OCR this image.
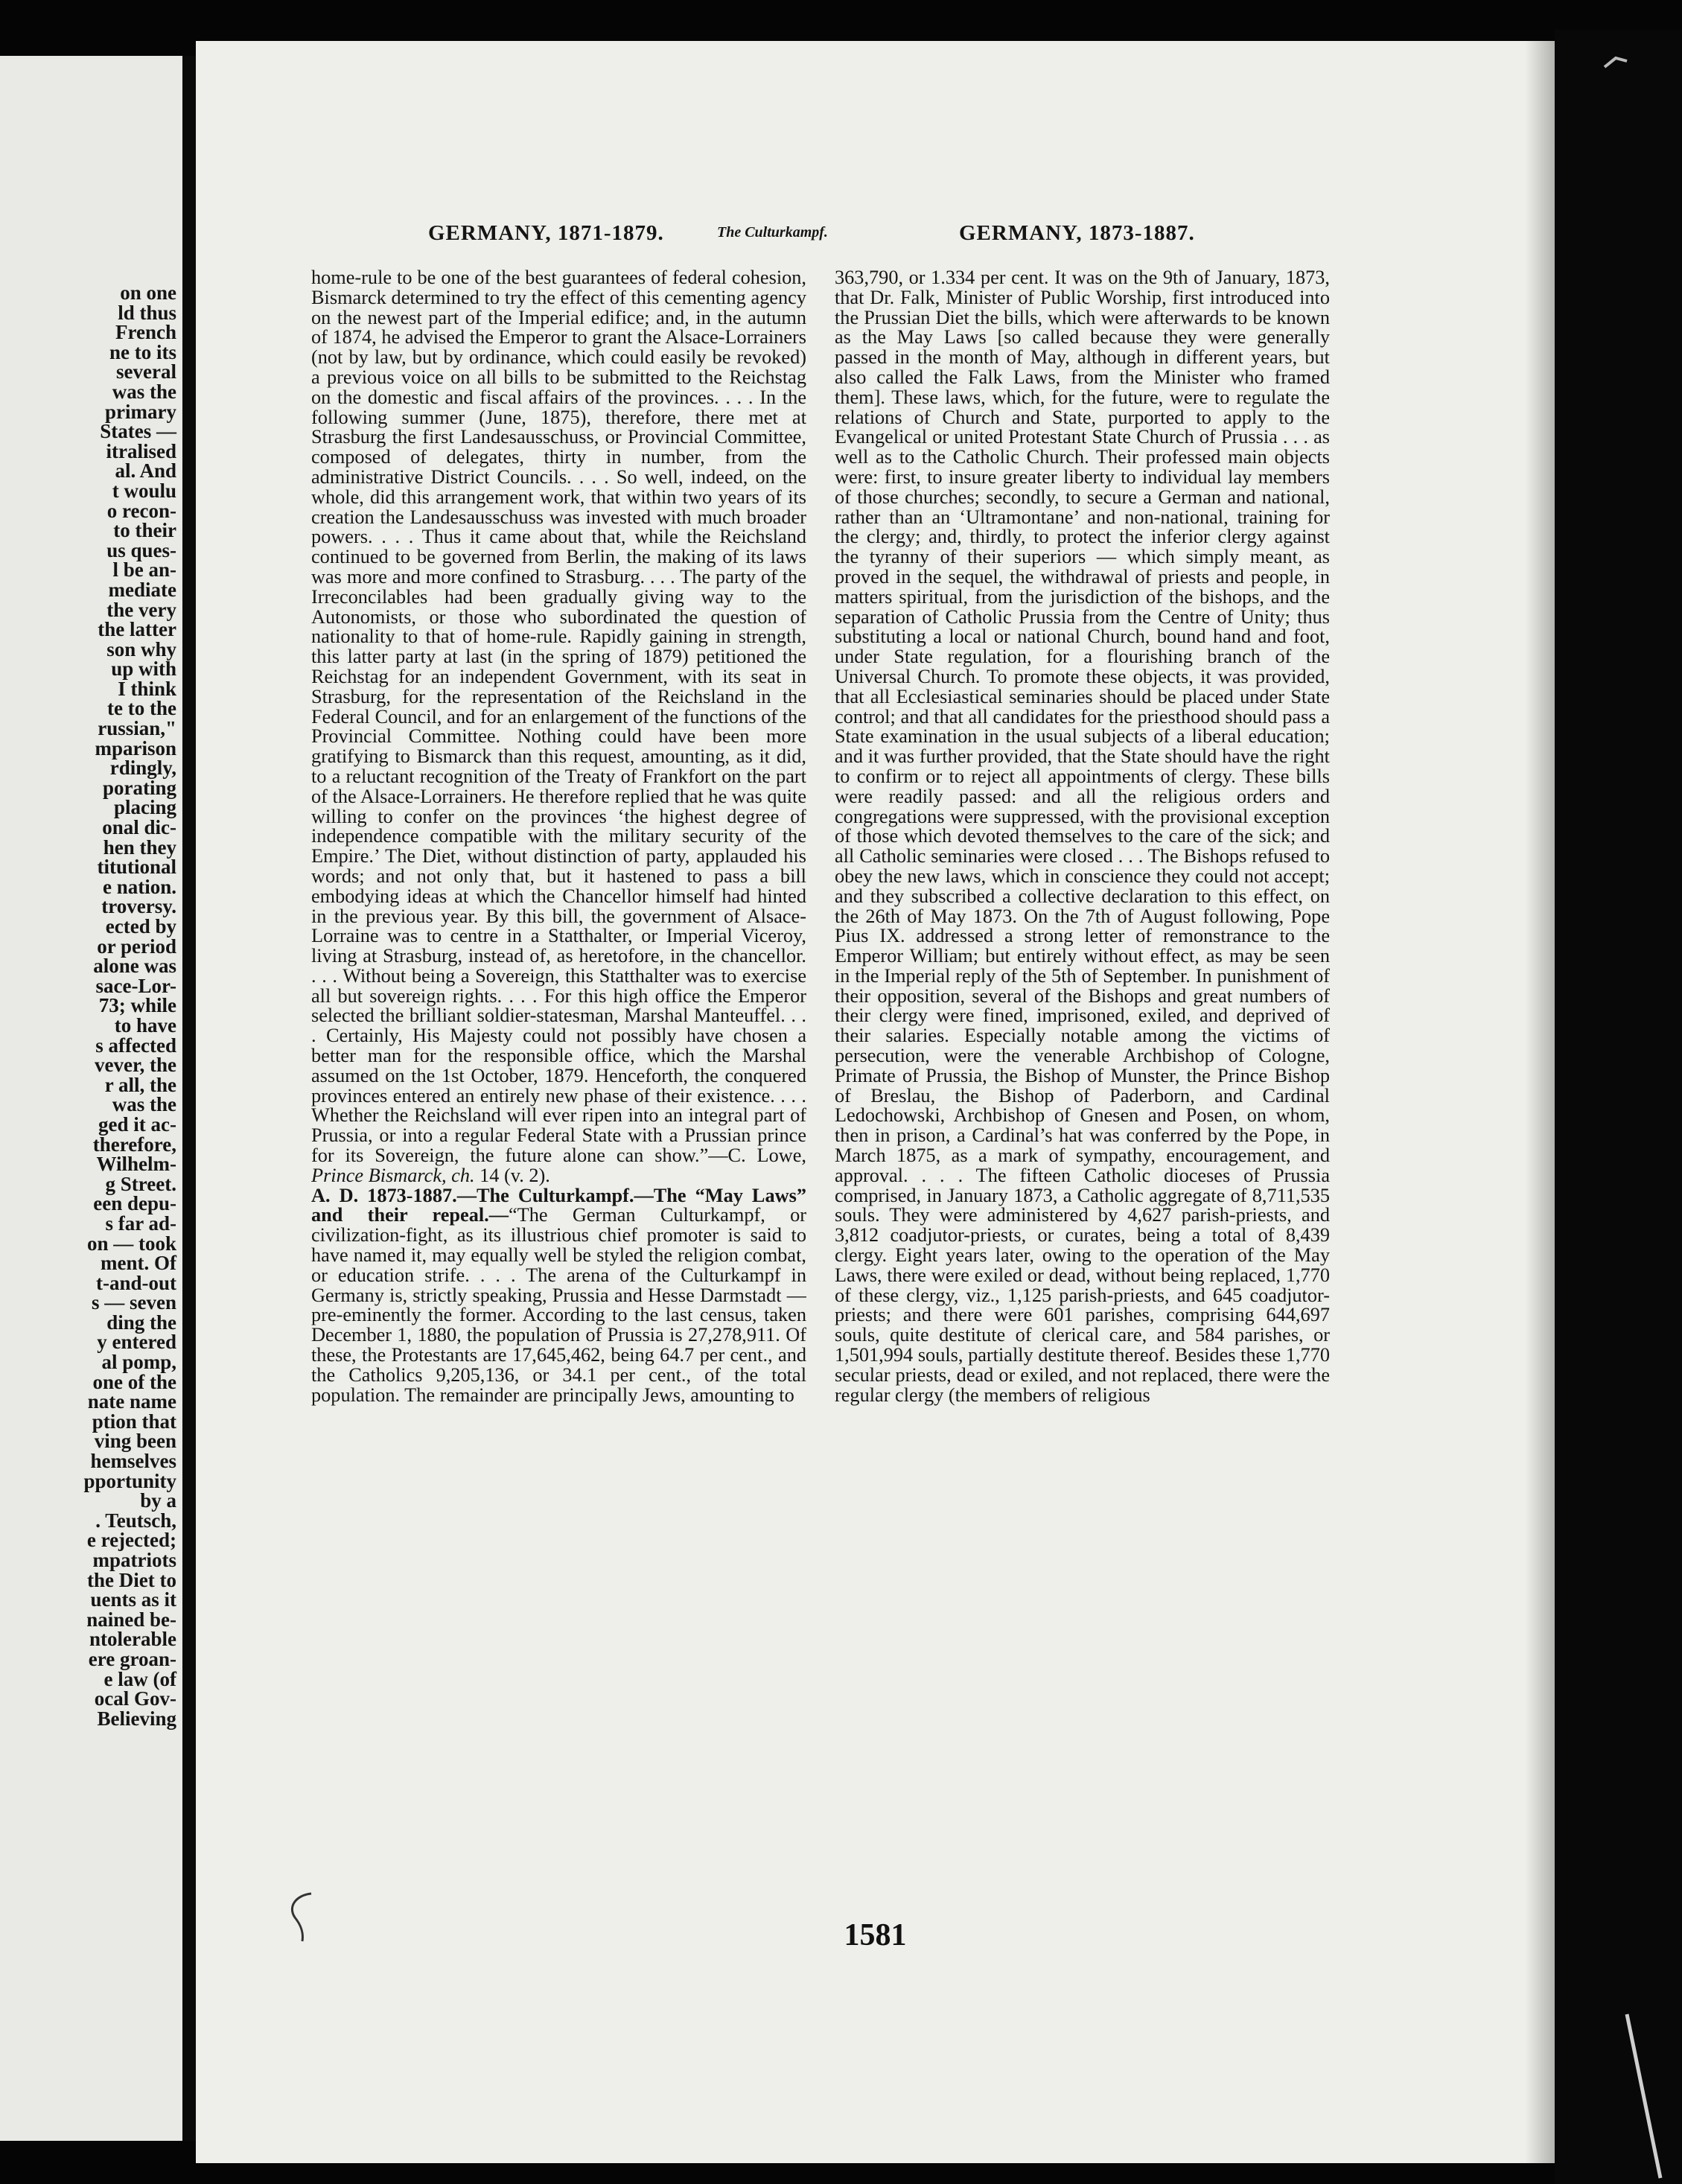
on one
ld thus
French
ne to its
several
was the
primary
States —
itralised
al. And
t woulu
o recon-
to their
us ques-
l be an-
mediate
the very
the latter
son why
up with
I think
te to the
russian,"
mparison
rdingly,
porating
placing
onal dic-
hen they
titutional
e nation.
troversy.
ected by
or period
alone was
sace-Lor-
73; while
to have
s affected
vever, the
r all, the
was the
ged it ac-
therefore,
Wilhelm-
g Street.
een depu-
s far ad-
on — took
ment. Of
t-and-out
s — seven
ding the
y entered
al pomp,
one of the
nate name
ption that
ving been
hemselves
pportunity
by a
. Teutsch,
e rejected;
mpatriots
the Diet to
uents as it
nained be-
ntolerable
ere groan-
e law (of
ocal Gov-
Believing
GERMANY, 1871-1879.	The Culturkampf.	GERMANY, 1873-1887.

home-rule to be one of the best guarantees of federal cohesion, Bismarck determined to try the effect of this cementing agency on the newest part of the Imperial edifice; and, in the autumn of 1874, he advised the Emperor to grant the Alsace-Lorrainers (not by law, but by ordinance, which could easily be revoked) a previous voice on all bills to be submitted to the Reichstag on the domestic and fiscal affairs of the provinces. . . . In the following summer (June, 1875), therefore, there met at Strasburg the first Landesausschuss, or Provincial Committee, composed of delegates, thirty in number, from the administrative District Councils. . . . So well, indeed, on the whole, did this arrangement work, that within two years of its creation the Landesausschuss was invested with much broader powers. . . . Thus it came about that, while the Reichsland continued to be governed from Berlin, the making of its laws was more and more confined to Strasburg. . . . The party of the Irreconcilables had been gradually giving way to the Autonomists, or those who subordinated the question of nationality to that of home-rule. Rapidly gaining in strength, this latter party at last (in the spring of 1879) petitioned the Reichstag for an independent Government, with its seat in Strasburg, for the representation of the Reichsland in the Federal Council, and for an enlargement of the functions of the Provincial Committee. Nothing could have been more gratifying to Bismarck than this request, amounting, as it did, to a reluctant recognition of the Treaty of Frankfort on the part of the Alsace-Lorrainers. He therefore replied that he was quite willing to confer on the provinces ‘the highest degree of independence compatible with the military security of the Empire.’ The Diet, without distinction of party, applauded his words; and not only that, but it hastened to pass a bill embodying ideas at which the Chancellor himself had hinted in the previous year. By this bill, the government of Alsace-Lorraine was to centre in a Statthalter, or Imperial Viceroy, living at Strasburg, instead of, as heretofore, in the chancellor. . . . Without being a Sovereign, this Statthalter was to exercise all but sovereign rights. . . . For this high office the Emperor selected the brilliant soldier-statesman, Marshal Manteuffel. . . . Certainly, His Majesty could not possibly have chosen a better man for the responsible office, which the Marshal assumed on the 1st October, 1879. Henceforth, the conquered provinces entered an entirely new phase of their existence. . . . Whether the Reichsland will ever ripen into an integral part of Prussia, or into a regular Federal State with a Prussian prince for its Sovereign, the future alone can show.”—C. Lowe, Prince Bismarck, ch. 14 (v. 2).

A. D. 1873-1887.—The Culturkampf.—The “May Laws” and their repeal.—“The German Culturkampf, or civilization-fight, as its illustrious chief promoter is said to have named it, may equally well be styled the religion combat, or education strife. . . . The arena of the Culturkampf in Germany is, strictly speaking, Prussia and Hesse Darmstadt — pre-eminently the former. According to the last census, taken December 1, 1880, the population of Prussia is 27,278,911. Of these, the Protestants are 17,645,462, being 64.7 per cent., and the Catholics 9,205,136, or 34.1 per cent., of the total population. The remainder are principally Jews, amounting to

363,790, or 1.334 per cent. It was on the 9th of January, 1873, that Dr. Falk, Minister of Public Worship, first introduced into the Prussian Diet the bills, which were afterwards to be known as the May Laws [so called because they were generally passed in the month of May, although in different years, but also called the Falk Laws, from the Minister who framed them]. These laws, which, for the future, were to regulate the relations of Church and State, purported to apply to the Evangelical or united Protestant State Church of Prussia . . . as well as to the Catholic Church. Their professed main objects were: first, to insure greater liberty to individual lay members of those churches; secondly, to secure a German and national, rather than an ‘Ultramontane’ and non-national, training for the clergy; and, thirdly, to protect the inferior clergy against the tyranny of their superiors — which simply meant, as proved in the sequel, the withdrawal of priests and people, in matters spiritual, from the jurisdiction of the bishops, and the separation of Catholic Prussia from the Centre of Unity; thus substituting a local or national Church, bound hand and foot, under State regulation, for a flourishing branch of the Universal Church. To promote these objects, it was provided, that all Ecclesiastical seminaries should be placed under State control; and that all candidates for the priesthood should pass a State examination in the usual subjects of a liberal education; and it was further provided, that the State should have the right to confirm or to reject all appointments of clergy. These bills were readily passed: and all the religious orders and congregations were suppressed, with the provisional exception of those which devoted themselves to the care of the sick; and all Catholic seminaries were closed . . . The Bishops refused to obey the new laws, which in conscience they could not accept; and they subscribed a collective declaration to this effect, on the 26th of May 1873. On the 7th of August following, Pope Pius IX. addressed a strong letter of remonstrance to the Emperor William; but entirely without effect, as may be seen in the Imperial reply of the 5th of September. In punishment of their opposition, several of the Bishops and great numbers of their clergy were fined, imprisoned, exiled, and deprived of their salaries. Especially notable among the victims of persecution, were the venerable Archbishop of Cologne, Primate of Prussia, the Bishop of Munster, the Prince Bishop of Breslau, the Bishop of Paderborn, and Cardinal Ledochowski, Archbishop of Gnesen and Posen, on whom, then in prison, a Cardinal’s hat was conferred by the Pope, in March 1875, as a mark of sympathy, encouragement, and approval. . . . The fifteen Catholic dioceses of Prussia comprised, in January 1873, a Catholic aggregate of 8,711,535 souls. They were administered by 4,627 parish-priests, and 3,812 coadjutor-priests, or curates, being a total of 8,439 clergy. Eight years later, owing to the operation of the May Laws, there were exiled or dead, without being replaced, 1,770 of these clergy, viz., 1,125 parish-priests, and 645 coadjutor-priests; and there were 601 parishes, comprising 644,697 souls, quite destitute of clerical care, and 584 parishes, or 1,501,994 souls, partially destitute thereof. Besides these 1,770 secular priests, dead or exiled, and not replaced, there were the regular clergy (the members of religious

1581
